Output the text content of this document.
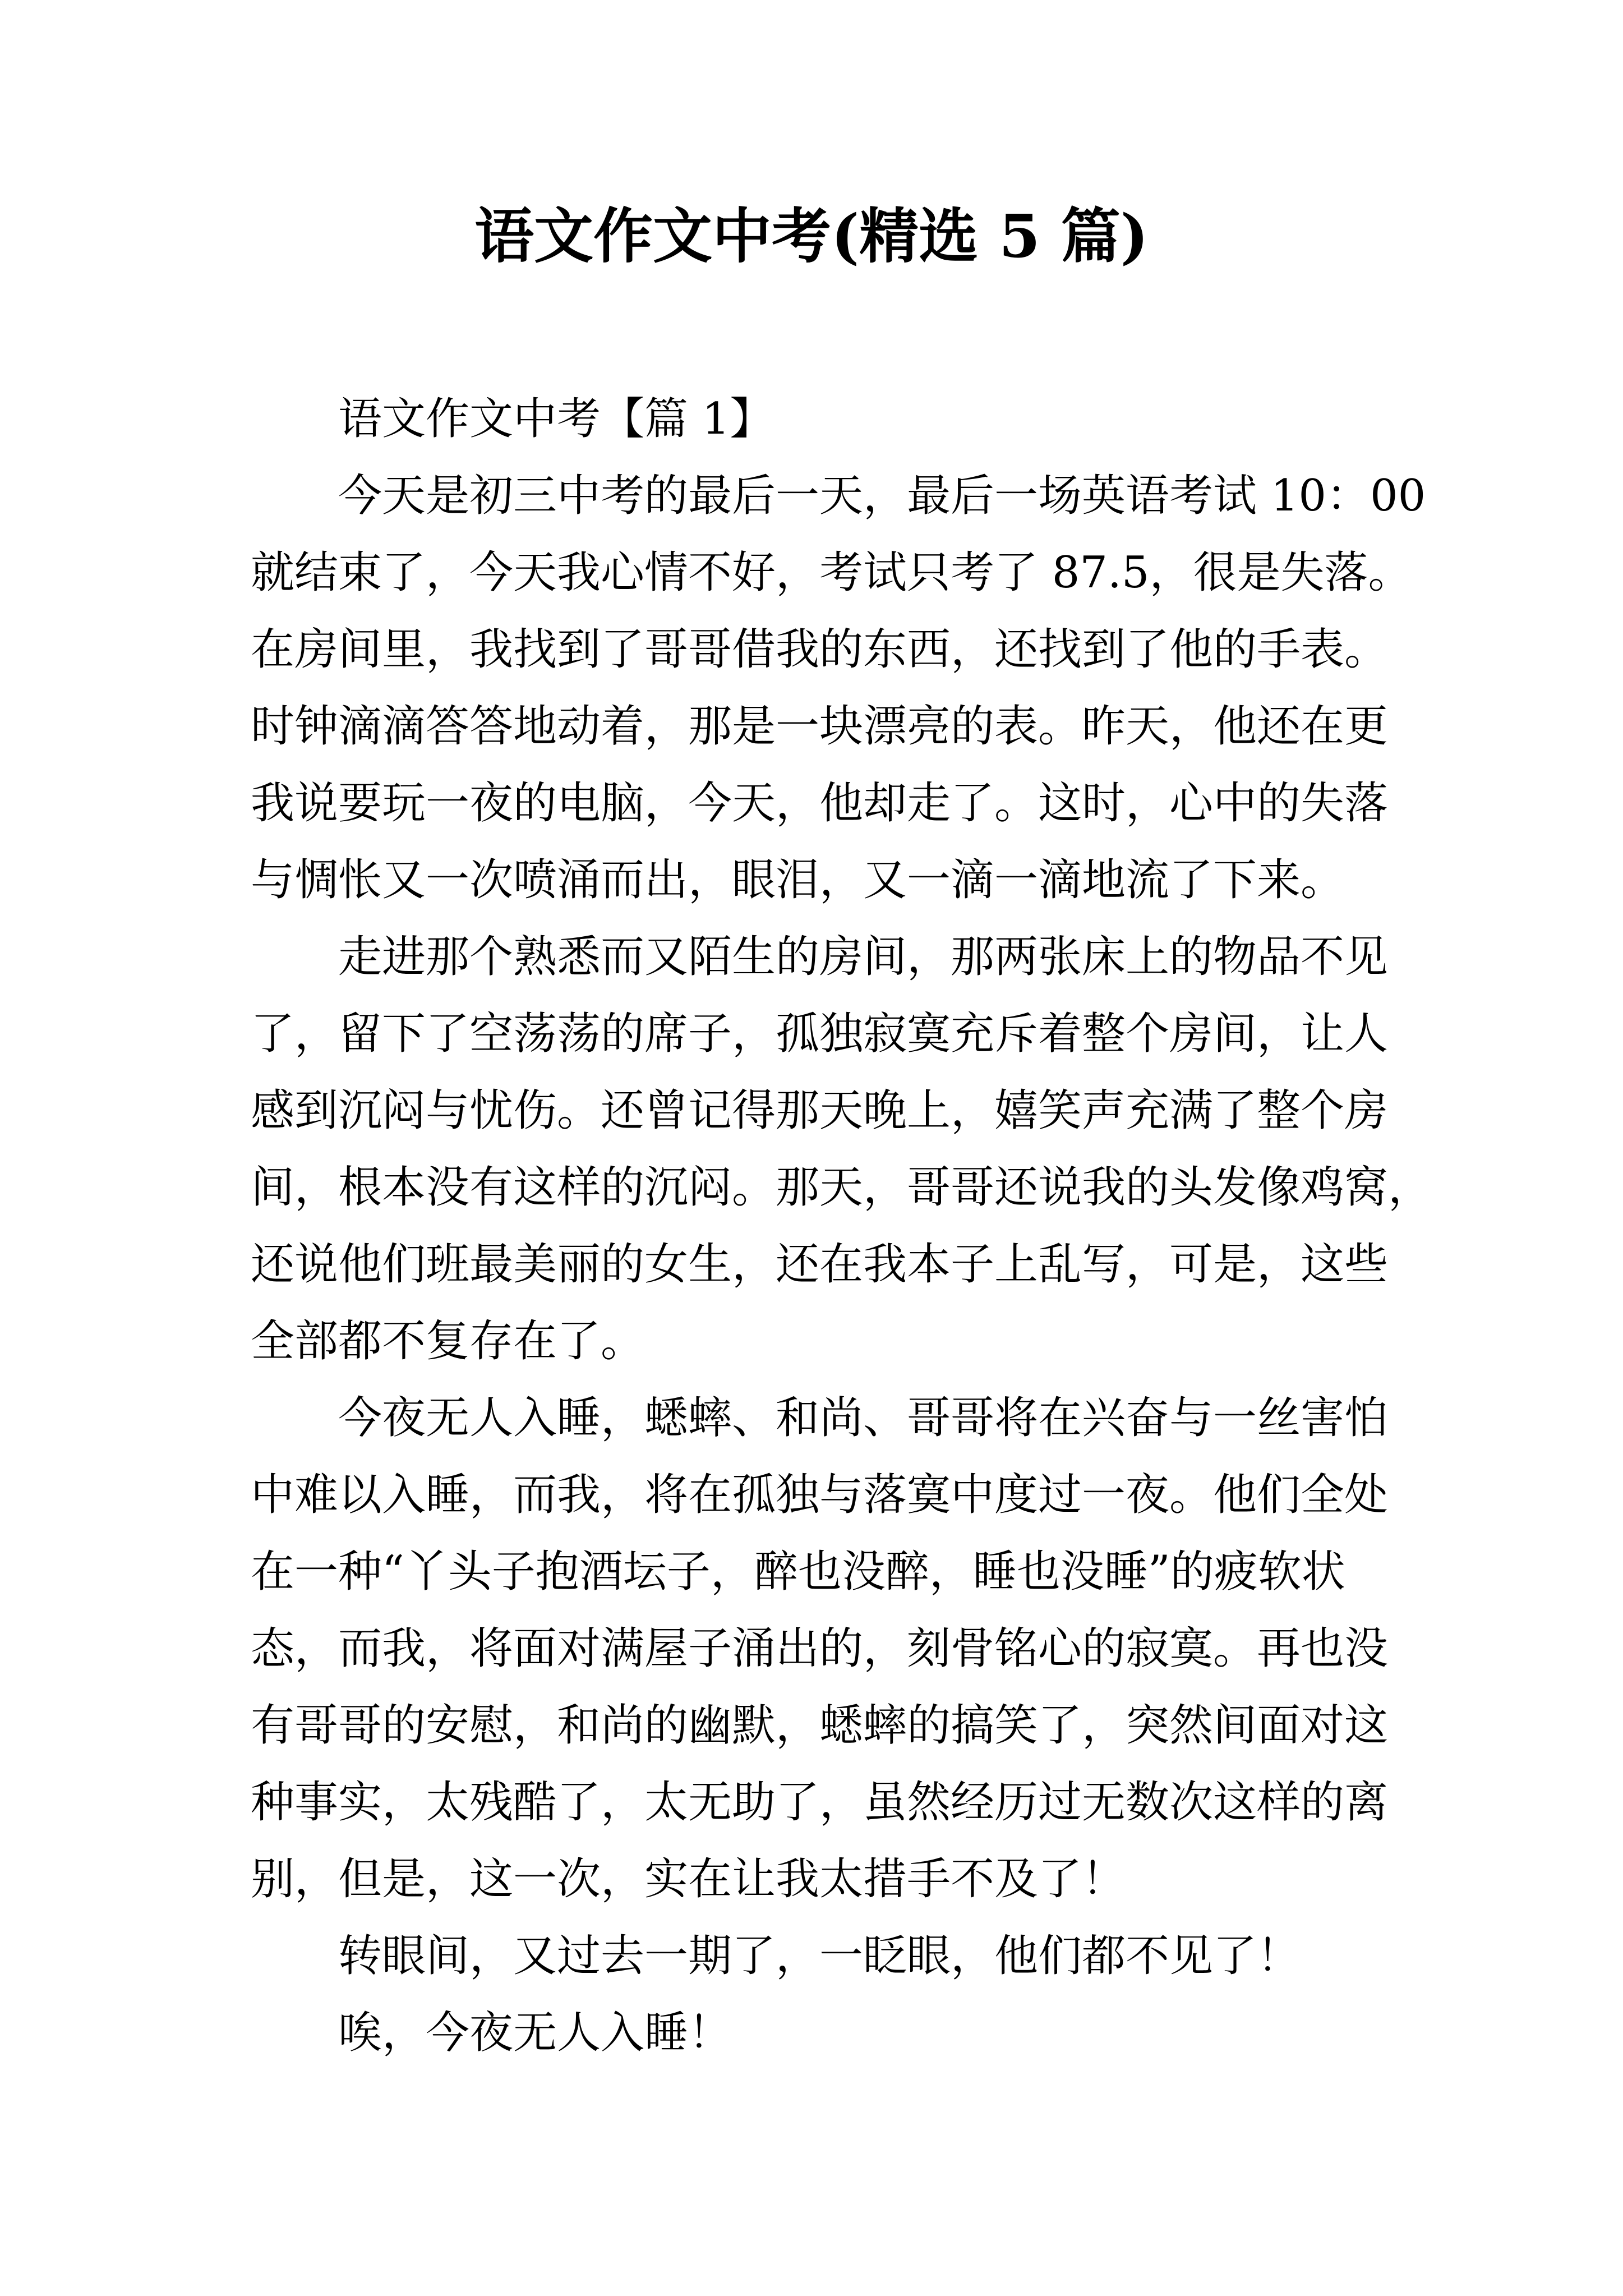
语文作文中考(精选 5 篇)
语文作文中考【篇 1】
今天是初三中考的最后一天，最后一场英语考试 10：00
就结束了，今天我心情不好，考试只考了 87.5，很是失落。
在房间里，我找到了哥哥借我的东西，还找到了他的手表。
时钟滴滴答答地动着，那是一块漂亮的表。昨天，他还在更
我说要玩一夜的电脑，今天，他却走了。这时，心中的失落
与惆怅又一次喷涌而出，眼泪，又一滴一滴地流了下来。
走进那个熟悉而又陌生的房间，那两张床上的物品不见
了，留下了空荡荡的席子，孤独寂寞充斥着整个房间，让人
感到沉闷与忧伤。还曾记得那天晚上，嬉笑声充满了整个房
间，根本没有这样的沉闷。那天，哥哥还说我的头发像鸡窝，
还说他们班最美丽的女生，还在我本子上乱写，可是，这些
全部都不复存在了。
今夜无人入睡，蟋蟀、和尚、哥哥将在兴奋与一丝害怕
中难以入睡，而我，将在孤独与落寞中度过一夜。他们全处
在一种“丫头子抱酒坛子，醉也没醉，睡也没睡”的疲软状
态，而我，将面对满屋子涌出的，刻骨铭心的寂寞。再也没
有哥哥的安慰，和尚的幽默，蟋蟀的搞笑了，突然间面对这
种事实，太残酷了，太无助了，虽然经历过无数次这样的离
别，但是，这一次，实在让我太措手不及了！
转眼间，又过去一期了，一眨眼，他们都不见了！
唉，今夜无人入睡！
